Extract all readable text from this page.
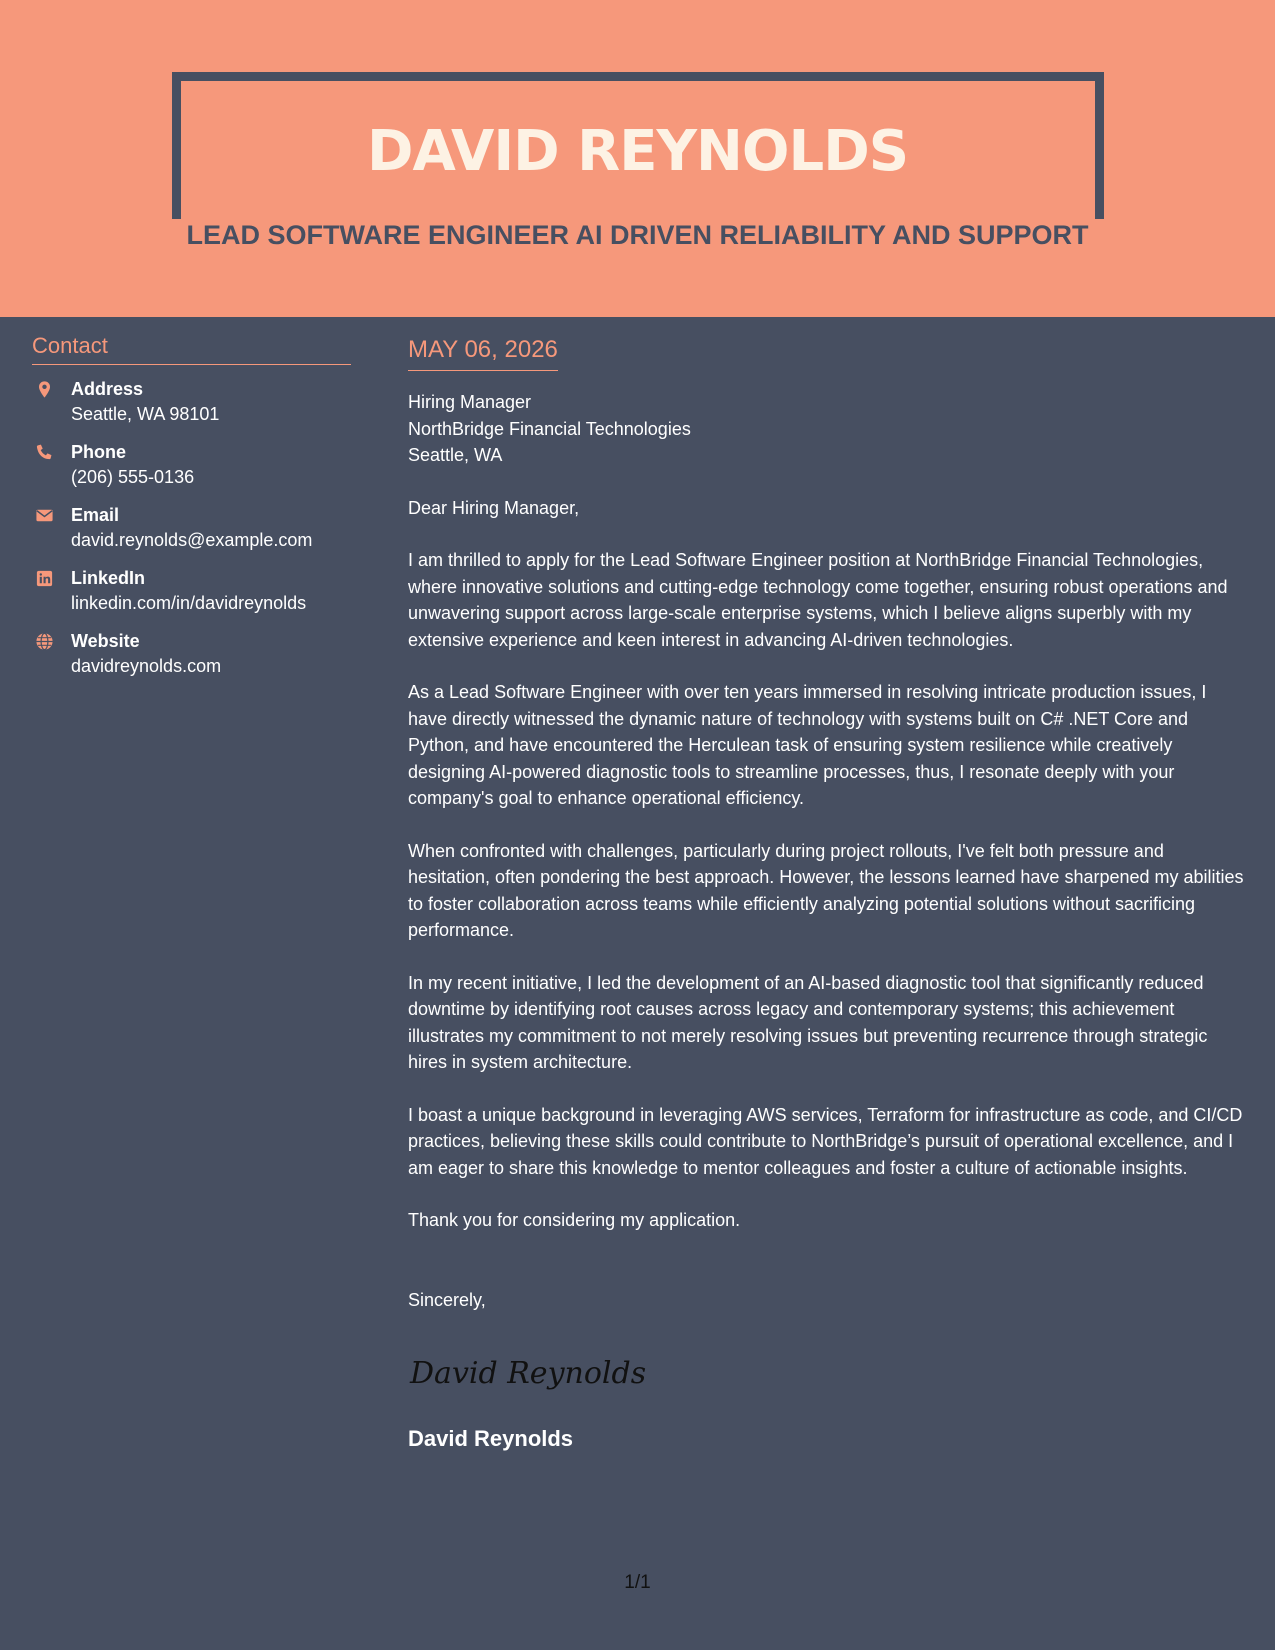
DAVID REYNOLDS
LEAD SOFTWARE ENGINEER AI DRIVEN RELIABILITY AND SUPPORT
Contact
Address
Seattle, WA 98101
Phone
(206) 555-0136
Email
david.reynolds@example.com
LinkedIn
linkedin.com/in/davidreynolds
Website
davidreynolds.com
MAY 06, 2026
Hiring Manager
NorthBridge Financial Technologies
Seattle, WA
Dear Hiring Manager,
I am thrilled to apply for the Lead Software Engineer position at NorthBridge Financial Technologies, where innovative solutions and cutting-edge technology come together, ensuring robust operations and unwavering support across large-scale enterprise systems, which I believe aligns superbly with my extensive experience and keen interest in advancing AI-driven technologies.
As a Lead Software Engineer with over ten years immersed in resolving intricate production issues, I have directly witnessed the dynamic nature of technology with systems built on C# .NET Core and Python, and have encountered the Herculean task of ensuring system resilience while creatively designing AI-powered diagnostic tools to streamline processes, thus, I resonate deeply with your company's goal to enhance operational efficiency.
When confronted with challenges, particularly during project rollouts, I've felt both pressure and hesitation, often pondering the best approach. However, the lessons learned have sharpened my abilities to foster collaboration across teams while efficiently analyzing potential solutions without sacrificing performance.
In my recent initiative, I led the development of an AI-based diagnostic tool that significantly reduced downtime by identifying root causes across legacy and contemporary systems; this achievement illustrates my commitment to not merely resolving issues but preventing recurrence through strategic hires in system architecture.
I boast a unique background in leveraging AWS services, Terraform for infrastructure as code, and CI/CD practices, believing these skills could contribute to NorthBridge’s pursuit of operational excellence, and I am eager to share this knowledge to mentor colleagues and foster a culture of actionable insights.
Thank you for considering my application.
Sincerely,
David Reynolds
David Reynolds
1/1
